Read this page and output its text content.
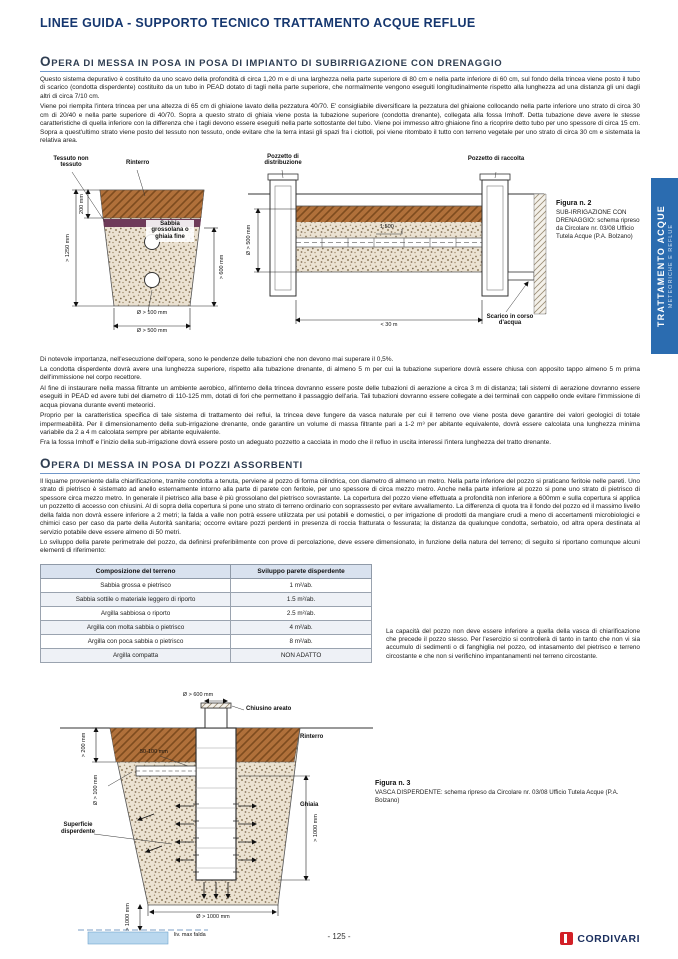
LINEE GUIDA - SUPPORTO TECNICO TRATTAMENTO ACQUE REFLUE
OPERA DI MESSA IN POSA IN POSA DI IMPIANTO DI SUBIRRIGAZIONE CON DRENAGGIO

Questo sistema depurativo è costituito da uno scavo della profondità di circa 1,20 m e di una larghezza nella parte superiore di 80 cm e nella parte inferiore di 60 cm, sul fondo della trincea viene posto il tubo di scarico (condotta disperdente) costituito da un tubo in PEAD dotato di tagli nella parte superiore, che normalmente vengono eseguiti longitudinalmente rispetto alla lunghezza ad una distanza gli uni dagli altri di circa 7/10 cm.

Viene poi riempita l'intera trincea per una altezza di 65 cm di ghiaione lavato della pezzatura 40/70. E' consigliabile diversificare la pezzatura del ghiaione collocando nella parte inferiore uno strato di circa 30 cm di 20/40 e nella parte superiore di 40/70. Sopra a questo strato di ghiaia viene posta la tubazione superiore (condotta drenante), collegata alla fossa Imhoff. Detta tubazione deve avere le stesse caratteristiche di quella inferiore con la differenza che i tagli devono essere eseguiti nella parte sottostante del tubo. Viene poi immesso altro ghiaione fino a ricoprire detto tubo per uno spessore di circa 15 cm. Sopra a quest'ultimo strato viene posto del tessuto non tessuto, onde evitare che la terra intasi gli spazi fra i ciottoli, poi viene ritombato il tutto con terreno vegetale per uno strato di circa 30 cm e sistemata la relativa area.

Tessuto non tessuto	Rinterro
Sabbia grossolana o ghiaia fine
> 1250 mm
200 mm
> 600 mm
Ø > 100 mm
Ø > 500 mm
Pozzetto di distribuzione
Pozzetto di raccolta
Scarico in corso d'acqua
Ø > 500 mm
< 30 m
1:500
Figura n. 2
SUB-IRRIGAZIONE CON DRENAGGIO: schema ripreso da Circolare nr. 03/08 Ufficio Tutela Acque (P.A. Bolzano)

Di notevole importanza, nell'esecuzione dell'opera, sono le pendenze delle tubazioni che non devono mai superare il 0,5%.

La condotta disperdente dovrà avere una lunghezza superiore, rispetto alla tubazione drenante, di almeno 5 m per cui la tubazione superiore dovrà essere chiusa con apposito tappo almeno 5 m prima dell'immissione nel corpo recettore.

Al fine di instaurare nella massa filtrante un ambiente aerobico, all'interno della trincea dovranno essere poste delle tubazioni di aerazione a circa 3 m di distanza; tali sistemi di aerazione dovranno essere eseguiti in PEAD ed avere tubi del diametro di 110-125 mm, dotati di fori che permettano il passaggio dell'aria. Tali tubazioni dovranno essere collegate a dei terminali con cappello onde evitare l'immissione di acqua piovana durante eventi meteorici.

Proprio per la caratteristica specifica di tale sistema di trattamento dei reflui, la trincea deve fungere da vasca naturale per cui il terreno ove viene posta deve garantire dei valori geologici di totale impermeabilità. Per il dimensionamento della sub-irrigazione drenante, onde garantire un volume di massa filtrante pari a 1-2 m³ per abitante equivalente, dovrà essere calcolata una lunghezza minima variabile da 2 a 4 m calcolata sempre per abitante equivalente.

Fra la fossa Imhoff e l'inizio della sub-irrigazione dovrà essere posto un adeguato pozzetto a cacciata in modo che il refluo in uscita interessi l'intera lunghezza del tratto drenante.

OPERA DI MESSA IN POSA DI POZZI ASSORBENTI

Il liquame proveniente dalla chiarificazione, tramite condotta a tenuta, perviene al pozzo di forma cilindrica, con diametro di almeno un metro. Nella parte inferiore del pozzo si praticano feritoie nelle pareti. Uno strato di pietrisco è sistemato ad anello esternamente intorno alla parte di parete con feritoie, per uno spessore di circa mezzo metro. Anche nella parte inferiore al pozzo si pone uno strato di pietrisco di spessore circa mezzo metro. In generale il pietrisco alla base è più grossolano del pietrisco sovrastante. La copertura del pozzo viene effettuata a profondità non inferiore a 600mm e sulla copertura si applica un pozzetto di accesso con chiusini. Al di sopra della copertura si pone uno strato di terreno ordinario con soprassesto per evitare avvallamento. La differenza di quota tra il fondo del pozzo ed il massimo livello della falda non dovrà essere inferiore a 2 metri; la falda a valle non potrà essere utilizzata per usi potabili e domestici, o per irrigazione di prodotti da mangiare crudi a meno di accertamenti microbiologici e chimici caso per caso da parte della Autorità sanitaria; occorre evitare pozzi perdenti in presenza di roccia fratturata o fessurata; la distanza da qualunque condotta, serbatoio, od altra opera destinata al servizio potabile deve essere almeno di 50 metri.

Lo sviluppo della parete perimetrale del pozzo, da definirsi preferibilmente con prove di percolazione, deve essere dimensionato, in funzione della natura del terreno; di seguito si riportano comunque alcuni elementi di riferimento:

Composizione del terreno	Sviluppo parete disperdente
Sabbia grossa e pietrisco	1 m²/ab.
Sabbia sottile o materiale leggero di riporto	1.5 m²/ab.
Argilla sabbiosa o riporto	2.5 m²/ab.
Argilla con molta sabbia o pietrisco	4 m²/ab.
Argilla con poca sabbia o pietrisco	8 m²/ab.
Argilla compatta	NON ADATTO
La capacità del pozzo non deve essere inferiore a quella della vasca di chiarificazione che precede il pozzo stesso. Per l'esercizio si controllerà di tanto in tanto che non vi sia accumulo di sedimenti o di fanghiglia nel pozzo, od intasamento del pietrisco e terreno circostante e che non si verifichino impantanamenti nel terreno circostante.
Ø > 600 mm
Chiusino areato
Rinterro
50-100 mm
> 200 mm
Ø > 100 mm	Ghiaia
> 1000 mm
Superficie disperdente
Ø > 1000 mm
> 1000 mm
liv. max falda
Figura n. 3
VASCA DISPERDENTE: schema ripreso da Circolare nr. 03/08 Ufficio Tutela Acque (P.A. Bolzano)
TRATTAMENTO ACQUE METEORICHE E REFLUE
- 125 -	CORDIVARI
